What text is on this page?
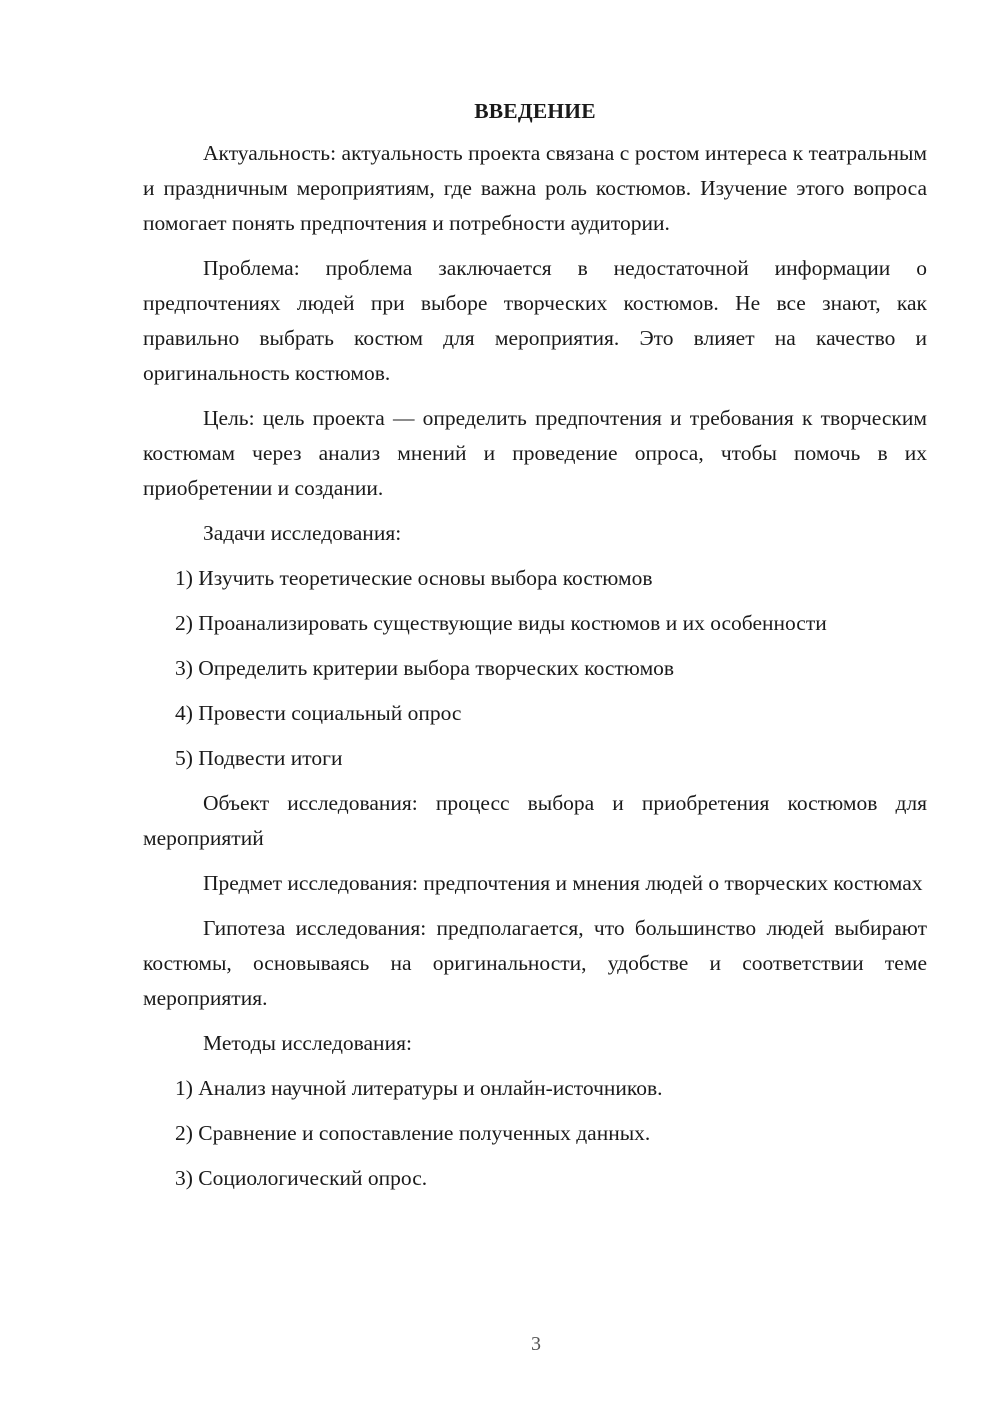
ВВЕДЕНИЕ

Актуальность: актуальность проекта связана с ростом интереса к театральным и праздничным мероприятиям, где важна роль костюмов. Изучение этого вопроса помогает понять предпочтения и потребности аудитории.

Проблема: проблема заключается в недостаточной информации о предпочтениях людей при выборе творческих костюмов. Не все знают, как правильно выбрать костюм для мероприятия. Это влияет на качество и оригинальность костюмов.

Цель: цель проекта — определить предпочтения и требования к творческим костюмам через анализ мнений и проведение опроса, чтобы помочь в их приобретении и создании.

Задачи исследования:
1) Изучить теоретические основы выбора костюмов
2) Проанализировать существующие виды костюмов и их особенности
3) Определить критерии выбора творческих костюмов
4) Провести социальный опрос
5) Подвести итоги

Объект исследования: процесс выбора и приобретения костюмов для мероприятий

Предмет исследования: предпочтения и мнения людей о творческих костюмах

Гипотеза исследования: предполагается, что большинство людей выбирают костюмы, основываясь на оригинальности, удобстве и соответствии теме мероприятия.

Методы исследования:
1) Анализ научной литературы и онлайн-источников.
2) Сравнение и сопоставление полученных данных.
3) Социологический опрос.
3
